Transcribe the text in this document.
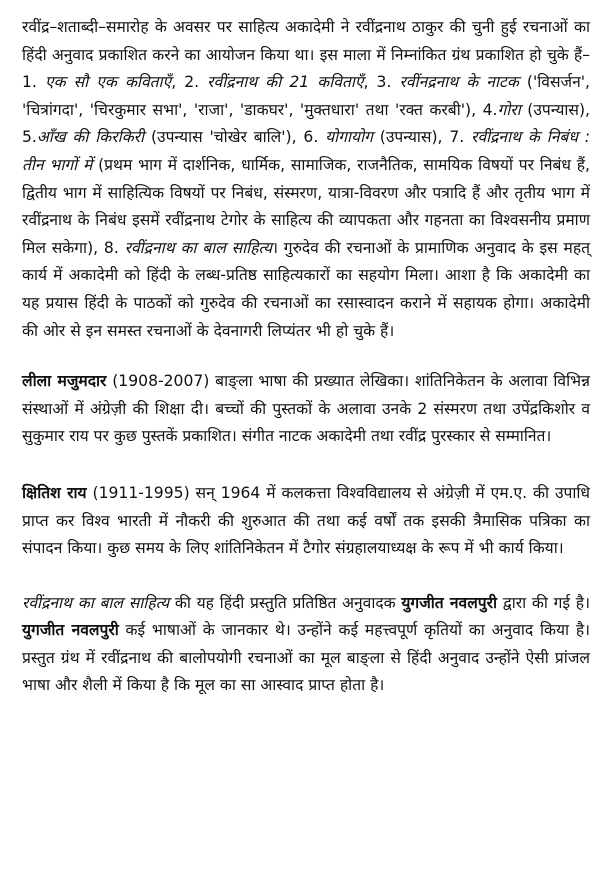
रवींद्र–शताब्दी–समारोह के अवसर पर साहित्य अकादेमी ने रवींद्रनाथ ठाकुर की चुनी हुई रचनाओं का हिंदी अनुवाद प्रकाशित करने का आयोजन किया था। इस माला में निम्नांकित ग्रंथ प्रकाशित हो चुके हैं– 1. एक सौ एक कविताएँ, 2. रवींद्रनाथ की 21 कविताएँ, 3. रवींनद्रनाथ के नाटक ('विसर्जन', 'चित्रांगदा', 'चिरकुमार सभा', 'राजा', 'डाकघर', 'मुक्तधारा' तथा 'रक्त करबी'), 4.गोरा (उपन्यास), 5.आँख की किरकिरी (उपन्यास 'चोखेर बालि'), 6. योगायोग (उपन्यास), 7. रवींद्रनाथ के निबंध : तीन भागों में (प्रथम भाग में दार्शनिक, धार्मिक, सामाजिक, राजनैतिक, सामयिक विषयों पर निबंध हैं, द्वितीय भाग में साहित्यिक विषयों पर निबंध, संस्मरण, यात्रा-विवरण और पत्रादि हैं और तृतीय भाग में रवींद्रनाथ के निबंध इसमें रवींद्रनाथ टेगोर के साहित्य की व्यापकता और गहनता का विश्वसनीय प्रमाण मिल सकेगा), 8. रवींद्रनाथ का बाल साहित्य। गुरुदेव की रचनाओं के प्रामाणिक अनुवाद के इस महत् कार्य में अकादेमी को हिंदी के लब्ध-प्रतिष्ठ साहित्यकारों का सहयोग मिला। आशा है कि अकादेमी का यह प्रयास हिंदी के पाठकों को गुरुदेव की रचनाओं का रसास्वादन कराने में सहायक होगा। अकादेमी की ओर से इन समस्त रचनाओं के देवनागरी लिप्यंतर भी हो चुके हैं।

लीला मजुमदार (1908-2007) बाङ्ला भाषा की प्रख्यात लेखिका। शांतिनिकेतन के अलावा विभिन्न संस्थाओं में अंग्रेज़ी की शिक्षा दी। बच्चों की पुस्तकों के अलावा उनके 2 संस्मरण तथा उपेंद्रकिशोर व सुकुमार राय पर कुछ पुस्तकें प्रकाशित। संगीत नाटक अकादेमी तथा रवींद्र पुरस्कार से सम्मानित।

क्षितिश राय (1911-1995) सन् 1964 में कलकत्ता विश्वविद्यालय से अंग्रेज़ी में एम.ए. की उपाधि प्राप्त कर विश्व भारती में नौकरी की शुरुआत की तथा कई वर्षों तक इसकी त्रैमासिक पत्रिका का संपादन किया। कुछ समय के लिए शांतिनिकेतन में टैगोर संग्रहालयाध्यक्ष के रूप में भी कार्य किया।

रवींद्रनाथ का बाल साहित्य की यह हिंदी प्रस्तुति प्रतिष्ठित अनुवादक युगजीत नवलपुरी द्वारा की गई है। युगजीत नवलपुरी कई भाषाओं के जानकार थे। उन्होंने कई महत्त्वपूर्ण कृतियों का अनुवाद किया है। प्रस्तुत ग्रंथ में रवींद्रनाथ की बालोपयोगी रचनाओं का मूल बाङ्ला से हिंदी अनुवाद उन्होंने ऐसी प्रांजल भाषा और शैली में किया है कि मूल का सा आस्वाद प्राप्त होता है।
